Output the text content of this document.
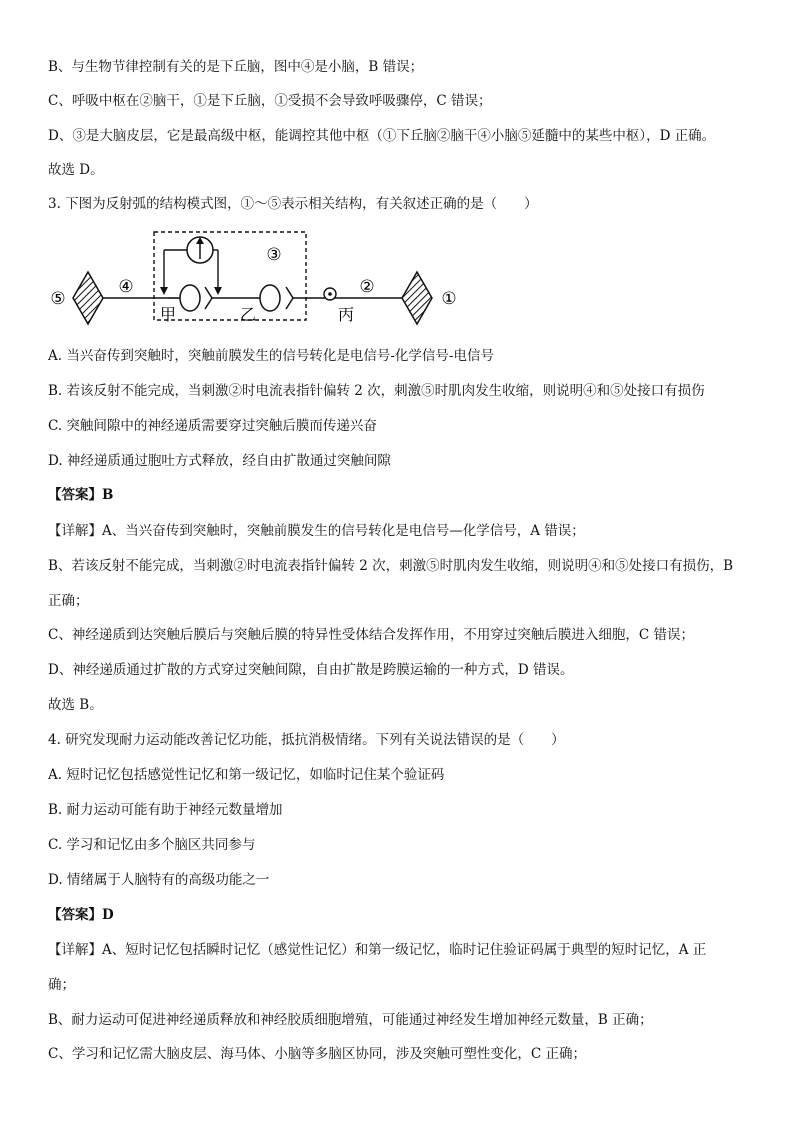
B、与生物节律控制有关的是下丘脑，图中④是小脑，B 错误；
C、呼吸中枢在②脑干，①是下丘脑，①受损不会导致呼吸骤停，C 错误；
D、③是大脑皮层，它是最高级中枢，能调控其他中枢（①下丘脑②脑干④小脑⑤延髓中的某些中枢），D 正确。
故选 D。
3. 下图为反射弧的结构模式图，①～⑤表示相关结构，有关叙述正确的是（　　）
⑤
④
③
甲	乙
②
丙
①
A. 当兴奋传到突触时，突触前膜发生的信号转化是电信号-化学信号-电信号
B. 若该反射不能完成，当刺激②时电流表指针偏转 2 次，刺激⑤时肌肉发生收缩，则说明④和⑤处接口有损伤
C. 突触间隙中的神经递质需要穿过突触后膜而传递兴奋
D. 神经递质通过胞吐方式释放，经自由扩散通过突触间隙
【答案】B
【详解】A、当兴奋传到突触时，突触前膜发生的信号转化是电信号—化学信号，A 错误；
B、若该反射不能完成，当刺激②时电流表指针偏转 2 次，刺激⑤时肌肉发生收缩，则说明④和⑤处接口有损伤，B
正确；
C、神经递质到达突触后膜后与突触后膜的特异性受体结合发挥作用，不用穿过突触后膜进入细胞，C 错误；
D、神经递质通过扩散的方式穿过突触间隙，自由扩散是跨膜运输的一种方式，D 错误。
故选 B。
4. 研究发现耐力运动能改善记忆功能，抵抗消极情绪。下列有关说法错误的是（　　）
A. 短时记忆包括感觉性记忆和第一级记忆，如临时记住某个验证码
B. 耐力运动可能有助于神经元数量增加
C. 学习和记忆由多个脑区共同参与
D. 情绪属于人脑特有的高级功能之一
【答案】D
【详解】A、短时记忆包括瞬时记忆（感觉性记忆）和第一级记忆，临时记住验证码属于典型的短时记忆，A 正
确；
B、耐力运动可促进神经递质释放和神经胶质细胞增殖，可能通过神经发生增加神经元数量，B 正确；
C、学习和记忆需大脑皮层、海马体、小脑等多脑区协同，涉及突触可塑性变化，C 正确；
